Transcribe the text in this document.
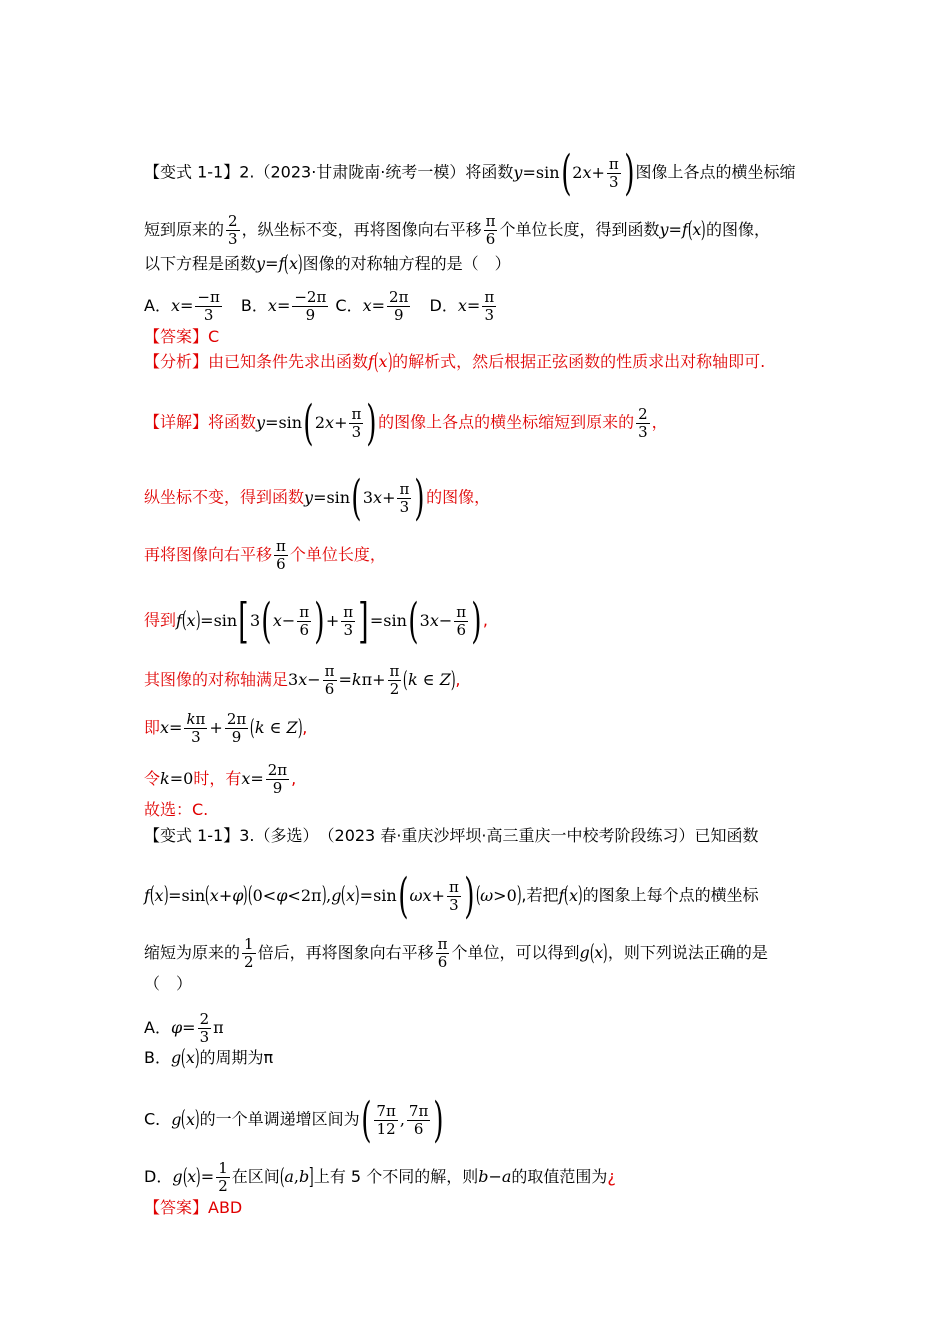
【变式 1-1】2.（2023·甘肃陇南·统考一模）将函数$y=\sin(2x+ \frac{\pi}{3}$ )图像上各点的横坐标缩
短到原来的 $\frac{2}{3}$ ，纵坐标不变，再将图像向右平移 $\frac{\pi}{6}$ 个单位长度，得到函数y=f(x)的图像，
以下方程是函数y=f(x)图像的对称轴方程的是（　）
A．$x= \frac{-\pi}{3}$ B．$x= \frac{-2\pi}{9}$ C．$x= \frac{2\pi}{9}$ D．$x= \frac{\pi}{3}$
【答案】C
【分析】由已知条件先求出函数f(x)的解析式，然后根据正弦函数的性质求出对称轴即可.
【详解】将函数$y=\sin(2x+ \frac{\pi}{3}$ )的图像上各点的横坐标缩短到原来的 $\frac{2}{3}$ ，
纵坐标不变，得到函数$y=\sin(3x+ \frac{\pi}{3}$ )的图像，
再将图像向右平移 $\frac{\pi}{6}$ 个单位长度，
得到$f(x)=\sin[3(x- \frac{\pi}{6}$ )+ $\frac{\pi}{3} ]=\sin(3x- \frac{\pi}{6}$ ),
其图像的对称轴满足$3x- \frac{\pi}{6} =k\pi+ \frac{\pi}{2} (k$ ∈ Z),
即$x= \frac{k\pi}{3} + \frac{2\pi}{9} (k$ ∈ Z),
令k=0时，有$x= \frac{2\pi}{9}$ ,
故选：C.
【变式 1-1】3.（多选） （2023 春·重庆沙坪坝·高三重庆一中校考阶段练习）已知函数
$f(x)=\sin(x+\varphi)(0<\varphi<2\pi),g(x)=\sin(\omega x+ \frac{\pi}{3} )(\omega>0)$,若把f(x)的图象上每个点的横坐标
缩短为原来的 $\frac{1}{2}$ 倍后，再将图象向右平移 $\frac{\pi}{6}$ 个单位，可以得到g(x)，则下列说法正确的是
（　）
A．$\varphi= \frac{2}{3}$ π
B．g(x)的周期为π
C．g(x)的一个单调递增区间为( $\frac{7\pi}{12}$ , $\frac{7\pi}{6}$ )
D．$g(x)= \frac{1}{2}$ 在区间(a,b]上有 5 个不同的解，则b−a的取值范围为¿
【答案】ABD
